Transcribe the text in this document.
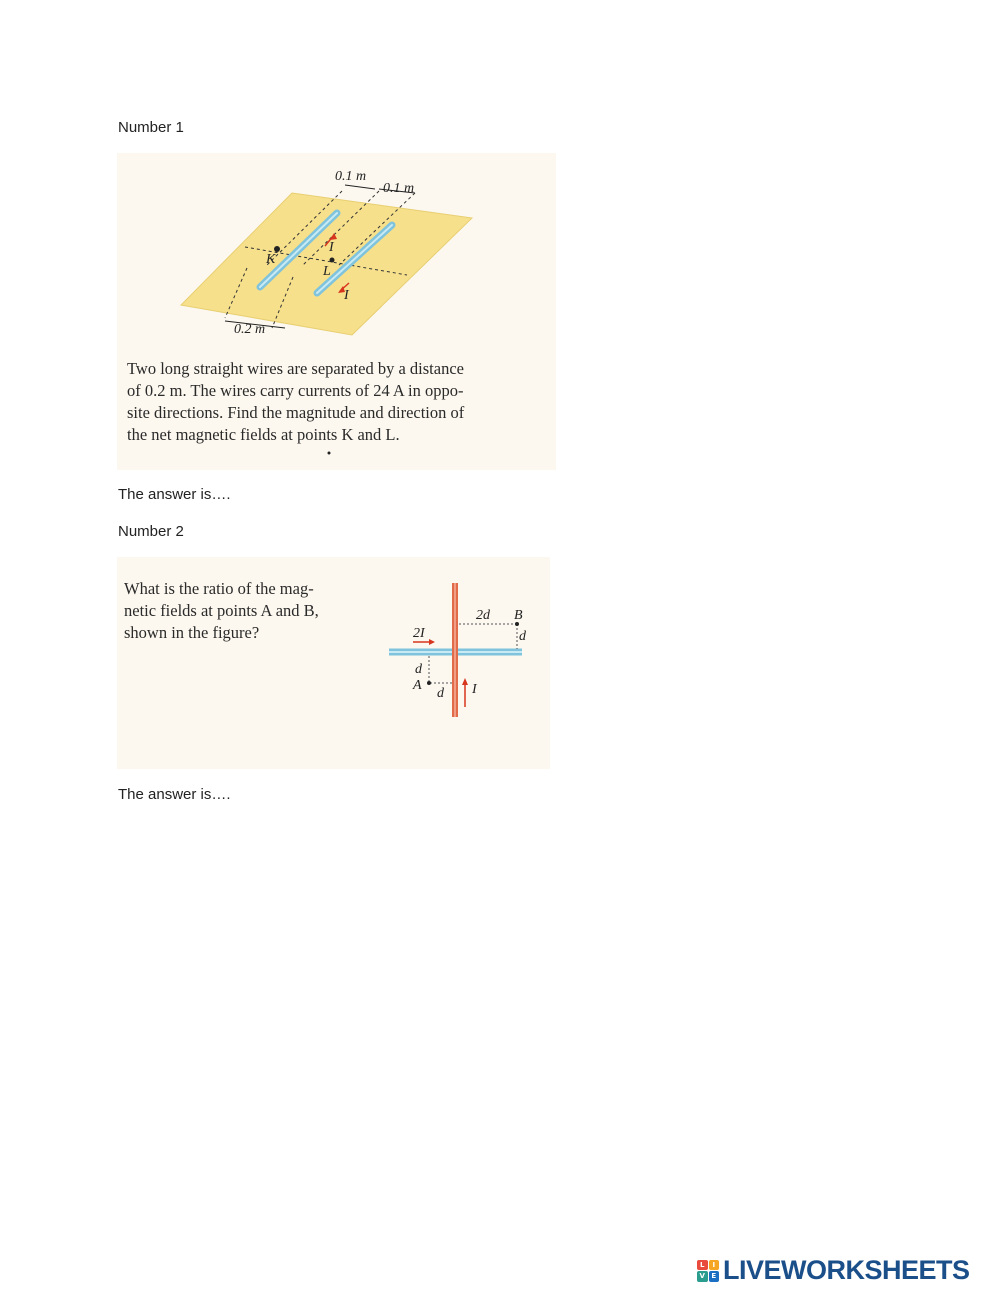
Number 1
0.1 m
0.1 m
0.2 m
K
L
I
I
Two long straight wires are separated by a distance
of 0.2 m. The wires carry currents of 24 A in oppo-
site directions. Find the magnitude and direction of
the net magnetic fields at points K and L.
The answer is….
Number 2
What is the ratio of the mag-
netic fields at points A and B,
shown in the figure?	2I
I
2d B
d
d
A
d
The answer is….
L	I
V E LIVEWORKSHEETS
